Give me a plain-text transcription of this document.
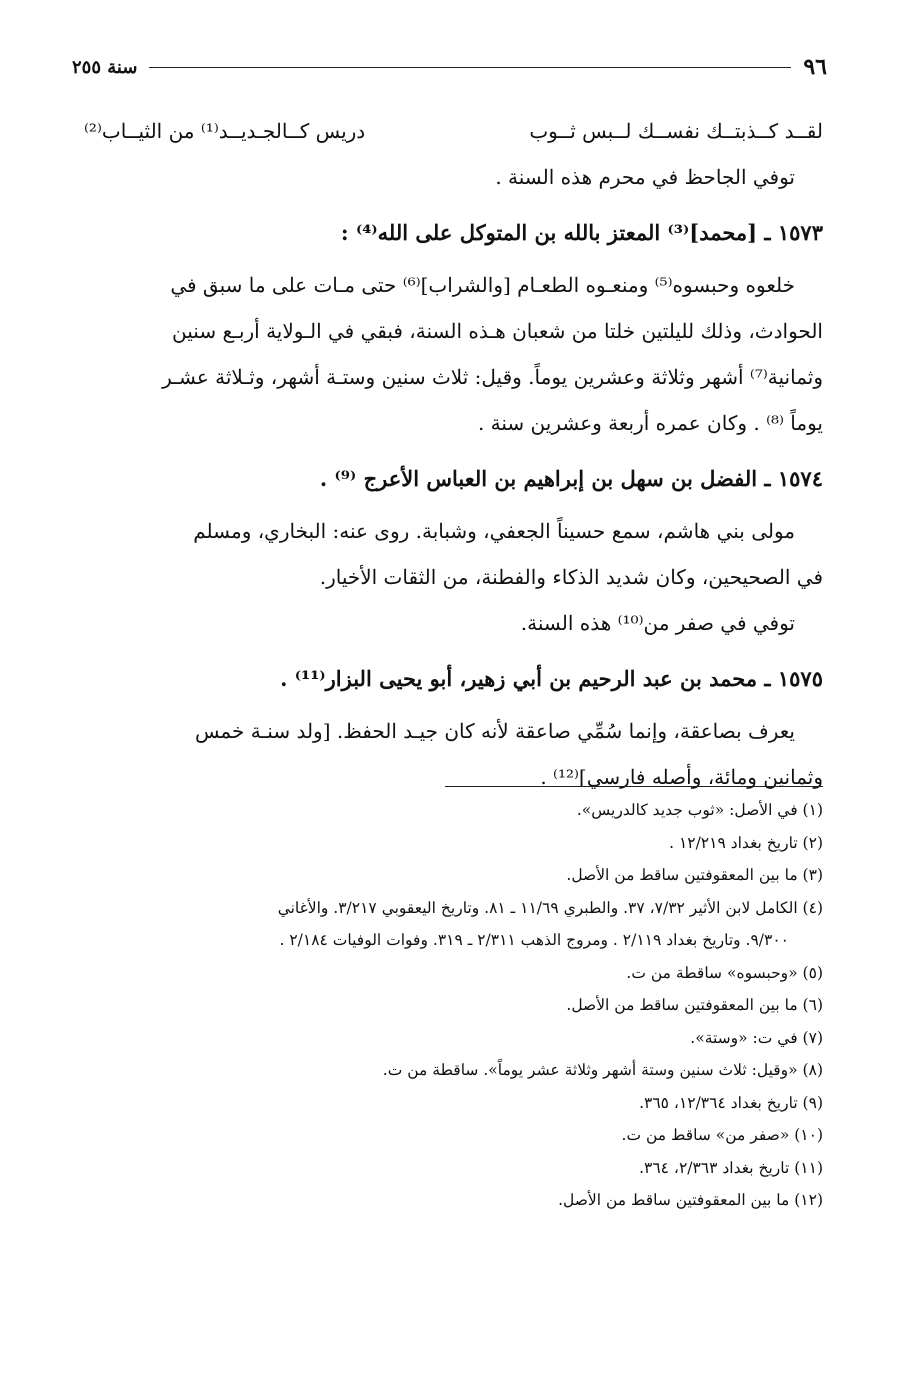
٩٦
سنة ٢٥٥

لقــد كــذبتــك نفســك لــبس ثــوب
دريس كــالجـديــد⁽¹⁾ من الثيــاب⁽²⁾

توفي الجاحظ في محرم هذه السنة .

١٥٧٣ ـ [محمد]⁽³⁾ المعتز بالله بن المتوكل على الله⁽⁴⁾ :

خلعوه وحبسوه⁽⁵⁾ ومنعـوه الطعـام [والشراب]⁽⁶⁾ حتى مـات على ما سبق في

الحوادث، وذلك لليلتين خلتا من شعبان هـذه السنة، فبقي في الـولاية أربـع سنين

وثمانية⁽⁷⁾ أشهر وثلاثة وعشرين يوماً. وقيل: ثلاث سنين وستـة أشهر، وثـلاثة عشـر

يوماً ⁽⁸⁾ . وكان عمره أربعة وعشرين سنة .

١٥٧٤ ـ الفضل بن سهل بن إبراهيم بن العباس الأعرج ⁽⁹⁾ .

مولى بني هاشم، سمع حسيناً الجعفي، وشبابة. روى عنه: البخاري، ومسلم

في الصحيحين، وكان شديد الذكاء والفطنة، من الثقات الأخيار.

توفي في صفر من⁽¹⁰⁾ هذه السنة.

١٥٧٥ ـ محمد بن عبد الرحيم بن أبي زهير، أبو يحيى البزار⁽¹¹⁾ .

يعرف بصاعقة، وإنما سُمِّي صاعقة لأنه كان جيـد الحفظ. [ولد سنـة خمس

وثمانين ومائة، وأصله فارسي]⁽¹²⁾ .

(١) في الأصل: «ثوب جديد كالدريس».

(٢) تاريخ بغداد ١٢/٢١٩ .

(٣) ما بين المعقوفتين ساقط من الأصل.

(٤) الكامل لابن الأثير ٧/٣٢، ٣٧. والطبري ١١/٦٩ ـ ٨١. وتاريخ اليعقوبي ٣/٢١٧. والأغاني

٩/٣٠٠. وتاريخ بغداد ٢/١١٩ . ومروج الذهب ٢/٣١١ ـ ٣١٩. وفوات الوفيات ٢/١٨٤ .

(٥) «وحبسوه» ساقطة من ت.

(٦) ما بين المعقوفتين ساقط من الأصل.

(٧) في ت: «وستة».

(٨) «وقيل: ثلاث سنين وستة أشهر وثلاثة عشر يوماً». ساقطة من ت.

(٩) تاريخ بغداد ١٢/٣٦٤، ٣٦٥.

(١٠) «صفر من» ساقط من ت.

(١١) تاريخ بغداد ٢/٣٦٣، ٣٦٤.

(١٢) ما بين المعقوفتين ساقط من الأصل.
